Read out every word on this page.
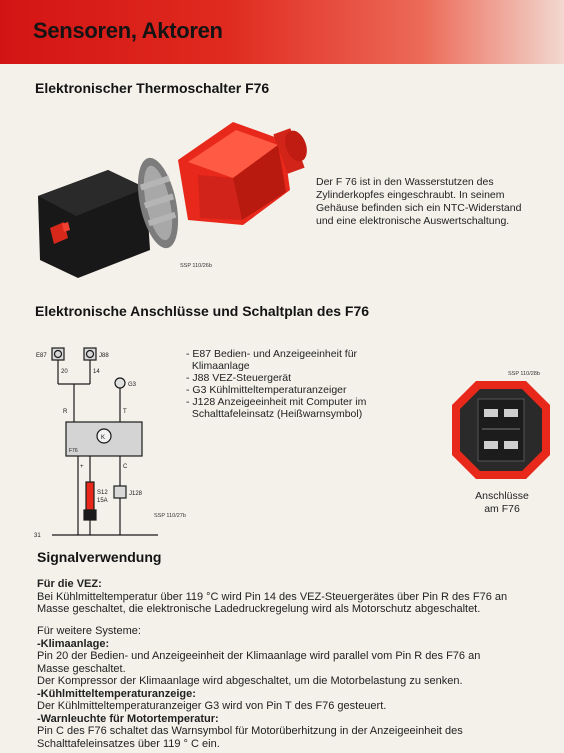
Sensoren, Aktoren
Elektronischer Thermoschalter F76
SSP 110/26b
Der F 76 ist in den Wasserstutzen des
Zylinderkopfes eingeschraubt. In seinem
Gehäuse befinden sich ein NTC-Widerstand
und eine elektronische Auswertschaltung.
Elektronische Anschlüsse und Schaltplan des F76
E87	J88
20	14
G3
R	T
K
F76
+	C
S12
15A
J128
31
SSP 110/27b
- E87 Bedien- und Anzeigeeinheit für
Klimaanlage
- J88 VEZ-Steuergerät
- G3 Kühlmitteltemperaturanzeiger
- J128 Anzeigeeinheit mit Computer im
Schalttafeleinsatz (Heißwarnsymbol)
SSP 110/28b
Anschlüsse
am F76
Signalverwendung
Für die VEZ:
Bei Kühlmitteltemperatur über 119 °C wird Pin 14 des VEZ-Steuergerätes über Pin R des F76 an
Masse geschaltet, die elektronische Ladedruckregelung wird als Motorschutz abgeschaltet.
Für weitere Systeme:
-Klimaanlage:
Pin 20 der Bedien- und Anzeigeeinheit der Klimaanlage wird parallel vom Pin R des F76 an
Masse geschaltet.
Der Kompressor der Klimaanlage wird abgeschaltet, um die Motorbelastung zu senken.
-Kühlmitteltemperaturanzeige:
Der Kühlmitteltemperaturanzeiger G3 wird von Pin T des F76 gesteuert.
-Warnleuchte für Motortemperatur:
Pin C des F76 schaltet das Warnsymbol für Motorüberhitzung in der Anzeigeeinheit des
Schalttafeleinsatzes über 119 ° C ein.
